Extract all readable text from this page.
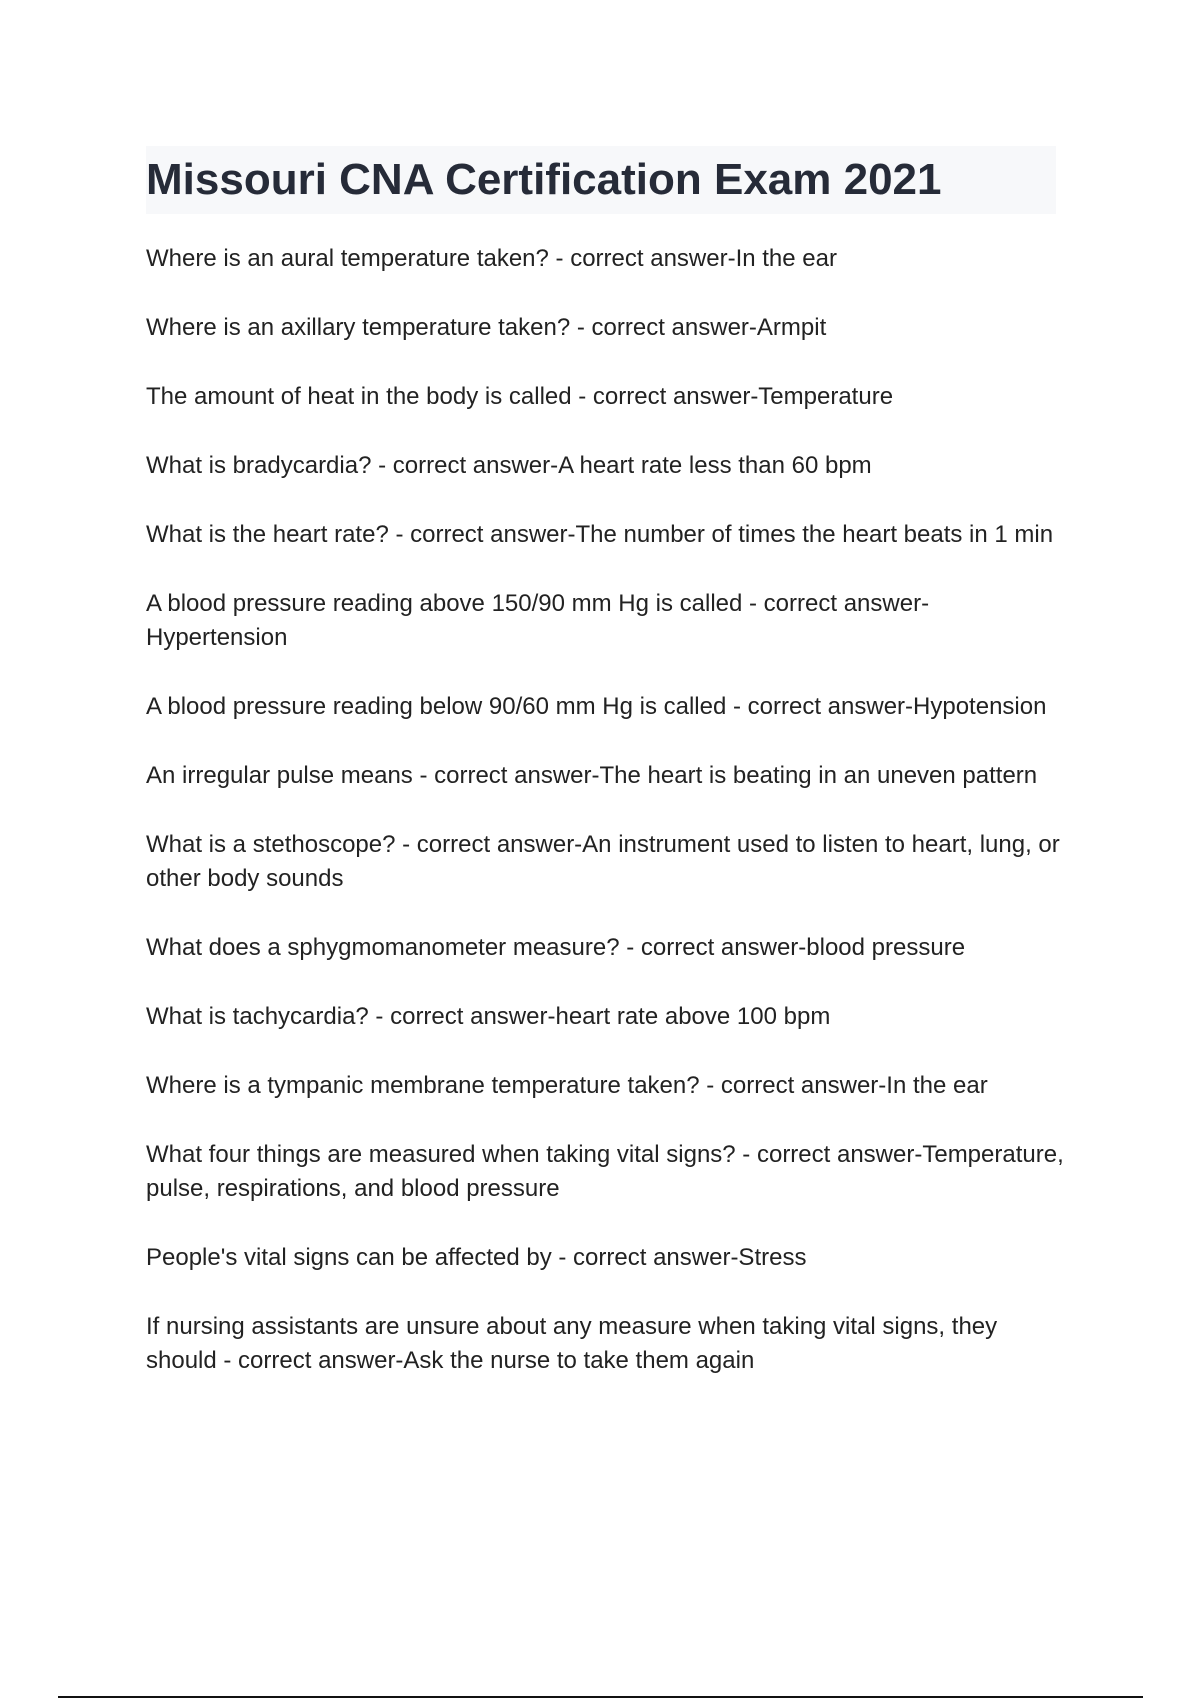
Missouri CNA Certification Exam 2021
Where is an aural temperature taken? - correct answer-In the ear
Where is an axillary temperature taken? - correct answer-Armpit
The amount of heat in the body is called - correct answer-Temperature
What is bradycardia? - correct answer-A heart rate less than 60 bpm
What is the heart rate? - correct answer-The number of times the heart beats in 1 min
A blood pressure reading above 150/90 mm Hg is called - correct answer-Hypertension
A blood pressure reading below 90/60 mm Hg is called - correct answer-Hypotension
An irregular pulse means - correct answer-The heart is beating in an uneven pattern
What is a stethoscope? - correct answer-An instrument used to listen to heart, lung, or other body sounds
What does a sphygmomanometer measure? - correct answer-blood pressure
What is tachycardia? - correct answer-heart rate above 100 bpm
Where is a tympanic membrane temperature taken? - correct answer-In the ear
What four things are measured when taking vital signs? - correct answer-Temperature, pulse, respirations, and blood pressure
People's vital signs can be affected by - correct answer-Stress
If nursing assistants are unsure about any measure when taking vital signs, they should - correct answer-Ask the nurse to take them again
